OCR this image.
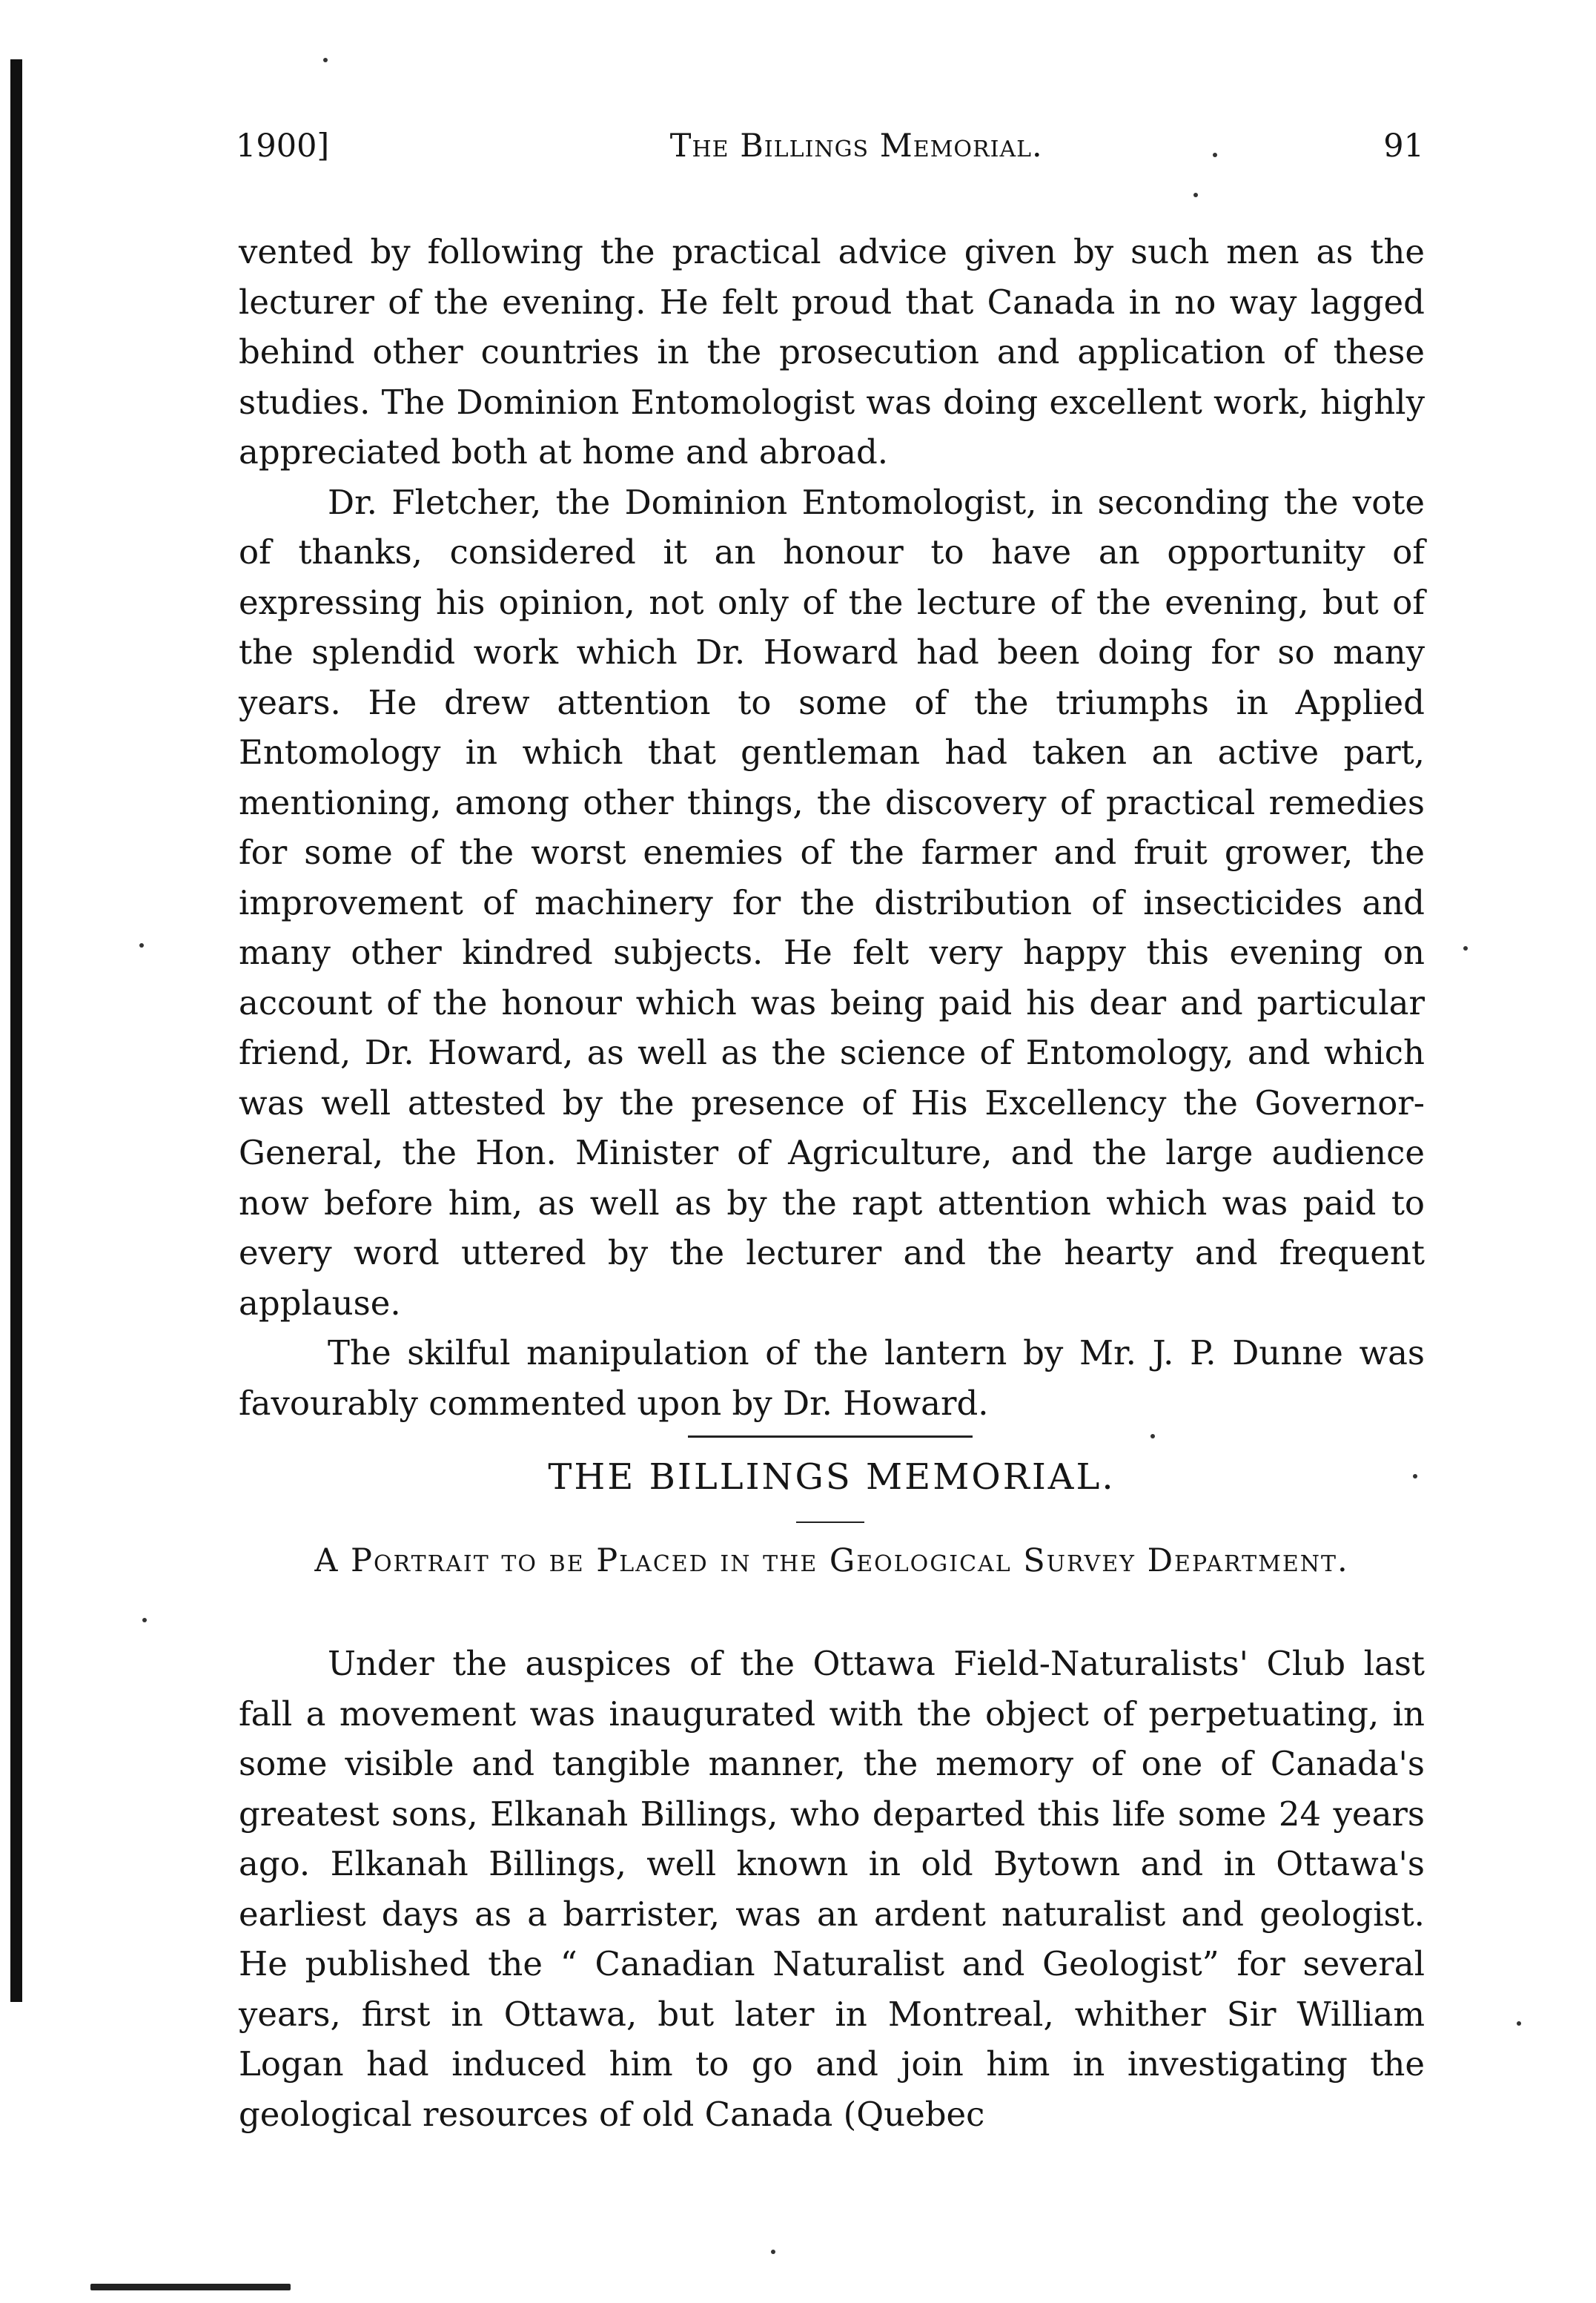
1900]	The Billings Memorial.	91

vented by following the practical advice given by such men as the lecturer of the evening. He felt proud that Canada in no way lagged behind other countries in the prosecution and application of these studies. The Dominion Entomologist was doing excellent work, highly appreciated both at home and abroad.

Dr. Fletcher, the Dominion Entomologist, in seconding the vote of thanks, considered it an honour to have an opportunity of expressing his opinion, not only of the lecture of the evening, but of the splendid work which Dr. Howard had been doing for so many years. He drew attention to some of the triumphs in Applied Entomology in which that gentleman had taken an active part, mentioning, among other things, the discovery of practical remedies for some of the worst enemies of the farmer and fruit grower, the improvement of machinery for the distribution of insecticides and many other kindred subjects. He felt very happy this evening on account of the honour which was being paid his dear and particular friend, Dr. Howard, as well as the science of Entomology, and which was well attested by the presence of His Excellency the Governor-General, the Hon. Minister of Agriculture, and the large audience now before him, as well as by the rapt attention which was paid to every word uttered by the lecturer and the hearty and frequent applause.

The skilful manipulation of the lantern by Mr. J. P. Dunne was favourably commented upon by Dr. Howard.

THE BILLINGS MEMORIAL.
A Portrait to be Placed in the Geological Survey Department.

Under the auspices of the Ottawa Field-Naturalists' Club last fall a movement was inaugurated with the object of perpetuating, in some visible and tangible manner, the memory of one of Canada's greatest sons, Elkanah Billings, who departed this life some 24 years ago. Elkanah Billings, well known in old Bytown and in Ottawa's earliest days as a barrister, was an ardent naturalist and geologist. He published the “ Canadian Naturalist and Geologist” for several years, first in Ottawa, but later in Montreal, whither Sir William Logan had induced him to go and join him in investigating the geological resources of old Canada (Quebec
